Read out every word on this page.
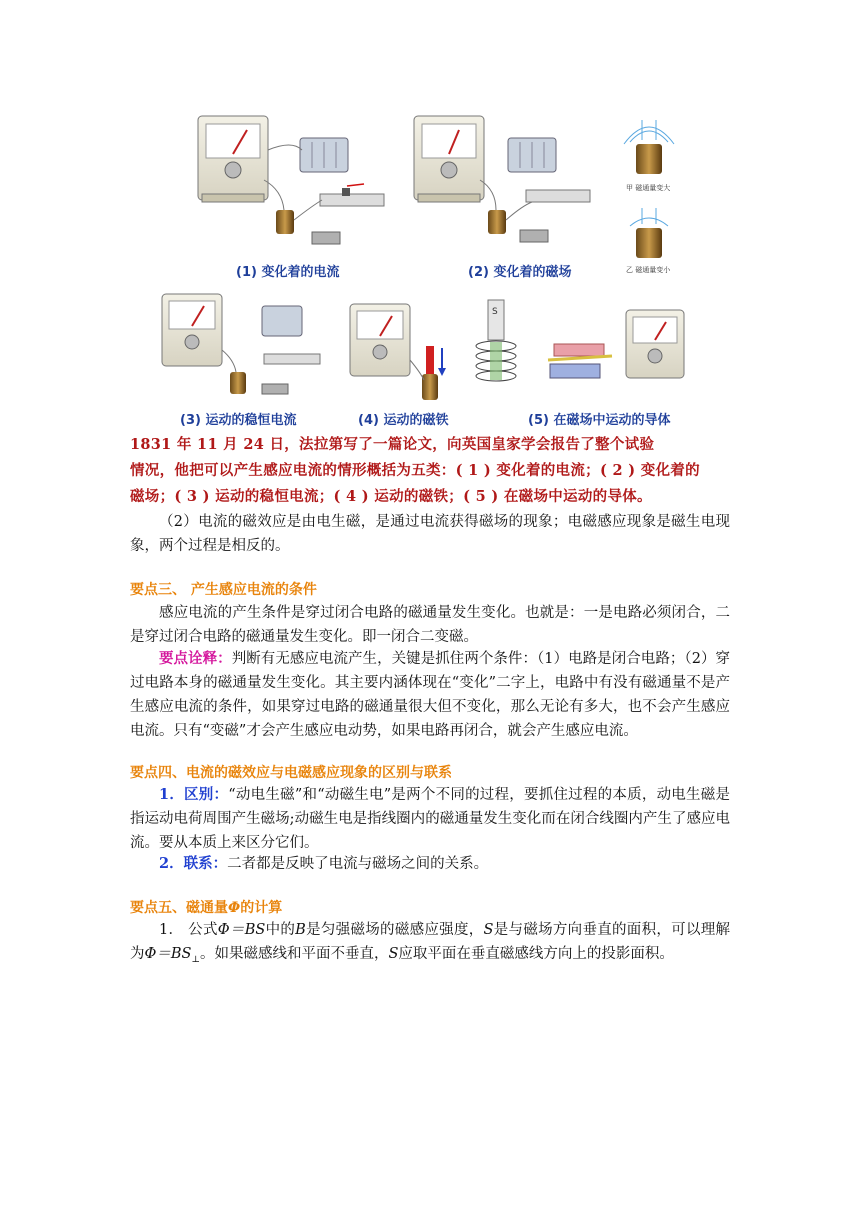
(1) 变化着的电流	(2) 变化着的磁场
甲 磁通量变大
乙 磁通量变小
(3) 运动的稳恒电流	(4) 运动的磁铁
S
(5) 在磁场中运动的导体
1831 年 11 月 24 日，法拉第写了一篇论文，向英国皇家学会报告了整个试验
情况，他把可以产生感应电流的情形概括为五类：( 1 ) 变化着的电流；( 2 ) 变化着的
磁场；( 3 ) 运动的稳恒电流；( 4 ) 运动的磁铁；( 5 ) 在磁场中运动的导体。
（2）电流的磁效应是由电生磁，是通过电流获得磁场的现象；电磁感应现象是磁生电现象，两个过程是相反的。
要点三、 产生感应电流的条件
感应电流的产生条件是穿过闭合电路的磁通量发生变化。也就是：一是电路必须闭合，二是穿过闭合电路的磁通量发生变化。即一闭合二变磁。
要点诠释：判断有无感应电流产生，关键是抓住两个条件：（1）电路是闭合电路；（2）穿过电路本身的磁通量发生变化。其主要内涵体现在“变化”二字上，电路中有没有磁通量不是产生感应电流的条件，如果穿过电路的磁通量很大但不变化，那么无论有多大，也不会产生感应电流。只有“变磁”才会产生感应电动势，如果电路再闭合，就会产生感应电流。
要点四、电流的磁效应与电磁感应现象的区别与联系
1．区别：“动电生磁”和“动磁生电”是两个不同的过程，要抓住过程的本质，动电生磁是指运动电荷周围产生磁场;动磁生电是指线圈内的磁通量发生变化而在闭合线圈内产生了感应电流。要从本质上来区分它们。
2．联系：二者都是反映了电流与磁场之间的关系。
要点五、磁通量Φ的计算
1． 公式Φ＝BS中的B是匀强磁场的磁感应强度，S是与磁场方向垂直的面积，可以理解为$\Phi=BS_\perp$。如果磁感线和平面不垂直，S应取平面在垂直磁感线方向上的投影面积。
